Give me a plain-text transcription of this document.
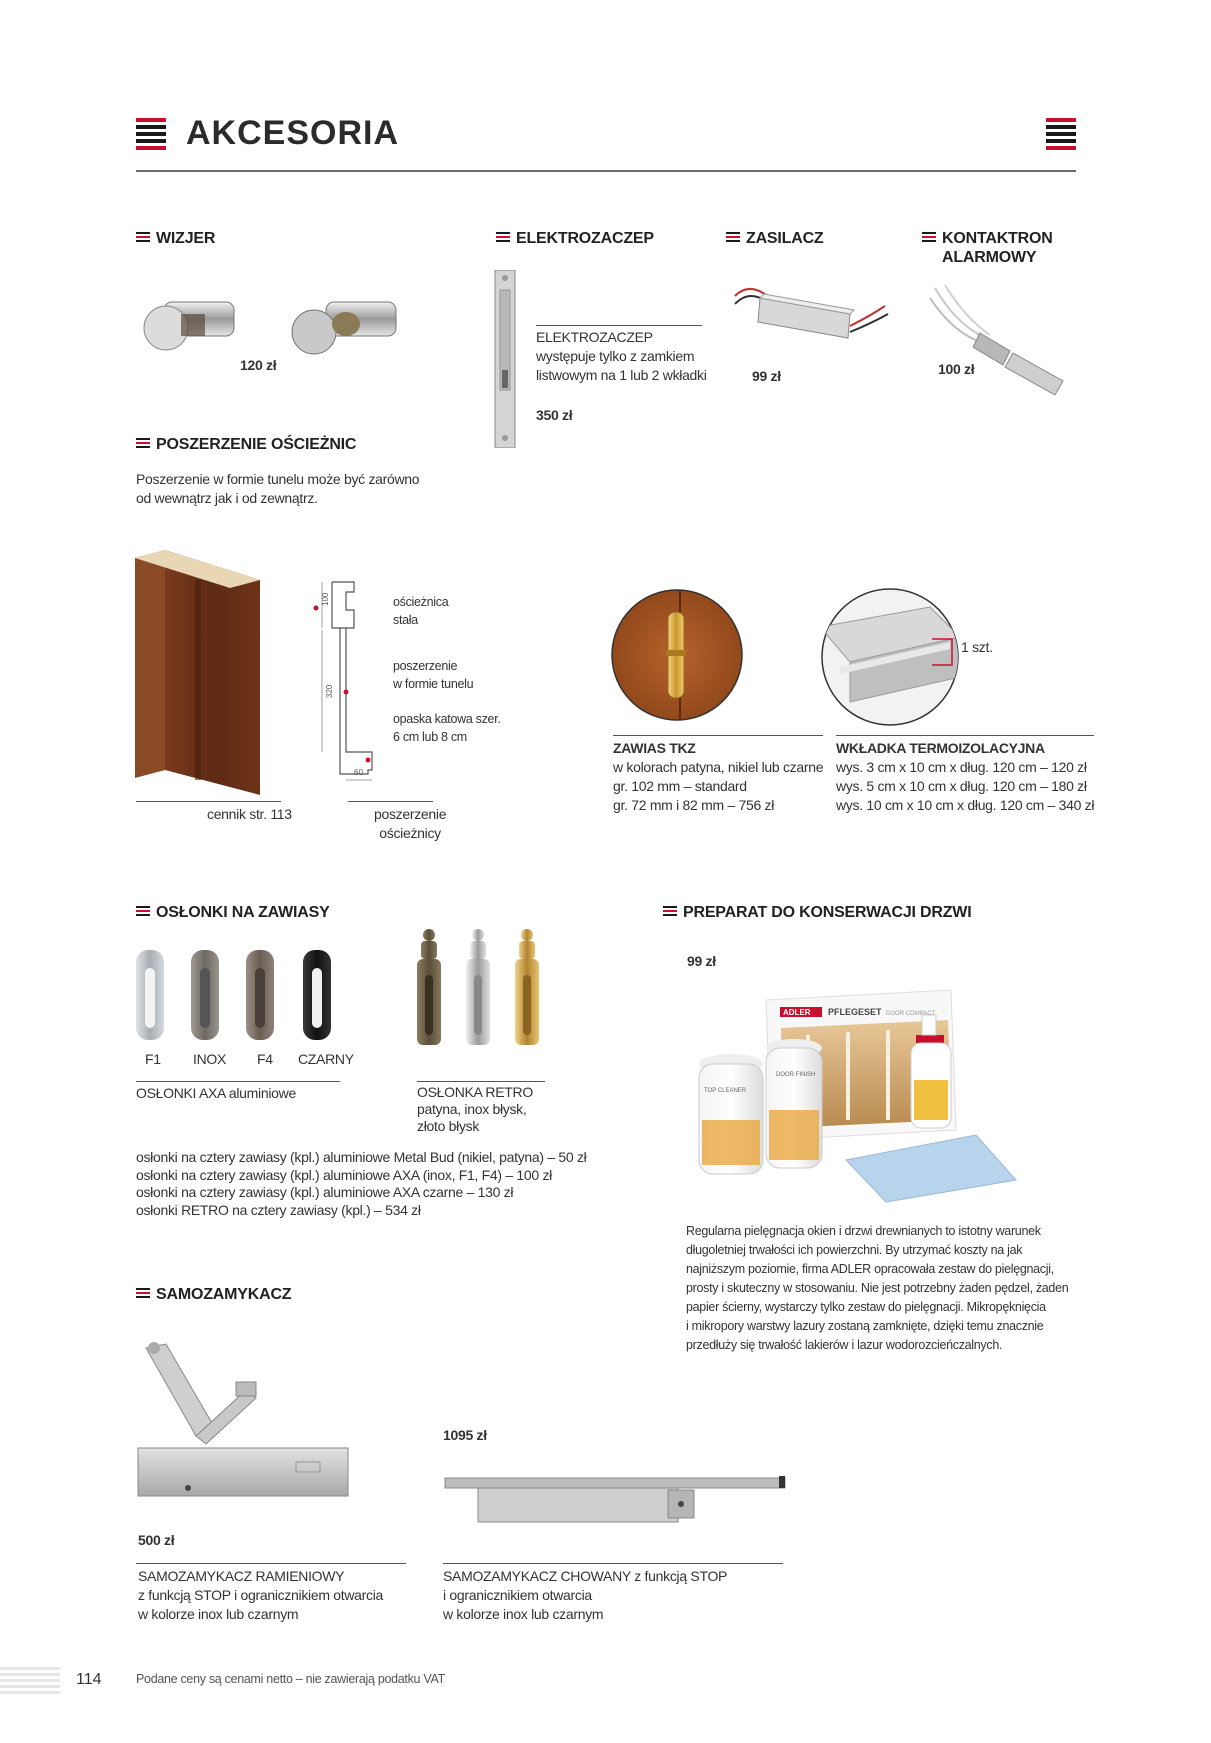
AKCESORIA
WIZJER
120 zł
POSZERZENIE OŚCIEŻNIC
Poszerzenie w formie tunelu może być zarówno
od wewnątrz jak i od zewnątrz.
cennik str. 113
100
320
60
ościeżnica
stała
poszerzenie
w formie tunelu
opaska katowa szer.
6 cm lub 8 cm
poszerzenie
ościeżnicy
ELEKTROZACZEP
ELEKTROZACZEP
występuje tylko z zamkiem
listwowym na 1 lub 2 wkładki
350 zł
ZASILACZ
99 zł
KONTAKTRON
ALARMOWY
100 zł
ZAWIAS TKZ
w kolorach patyna, nikiel lub czarne
gr. 102 mm – standard
gr. 72 mm i 82 mm – 756 zł
1 szt.
WKŁADKA TERMOIZOLACYJNA
wys. 3 cm x 10 cm x dług. 120 cm – 120 zł
wys. 5 cm x 10 cm x dług. 120 cm – 180 zł
wys. 10 cm x 10 cm x dług. 120 cm – 340 zł
OSŁONKI NA ZAWIASY
F1 INOX F4 CZARNY
OSŁONKI AXA aluminiowe	OSŁONKA RETRO
patyna, inox błysk,
złoto błysk
osłonki na cztery zawiasy (kpl.) aluminiowe Metal Bud (nikiel, patyna) – 50 zł
osłonki na cztery zawiasy (kpl.) aluminiowe AXA (inox, F1, F4) – 100 zł
osłonki na cztery zawiasy (kpl.) aluminiowe AXA czarne – 130 zł
osłonki RETRO na cztery zawiasy (kpl.) – 534 zł
PREPARAT DO KONSERWACJI DRZWI
99 zł
ADLER PFLEGESET DOOR COMPACT
TOP CLEANER
DOOR FINISH
Regularna pielęgnacja okien i drzwi drewnianych to istotny warunek
długoletniej trwałości ich powierzchni. By utrzymać koszty na jak
najniższym poziomie, firma ADLER opracowała zestaw do pielęgnacji,
prosty i skuteczny w stosowaniu. Nie jest potrzebny żaden pędzel, żaden
papier ścierny, wystarczy tylko zestaw do pielęgnacji. Mikropęknięcia
i mikropory warstwy lazury zostaną zamknięte, dzięki temu znacznie
przedłuży się trwałość lakierów i lazur wodorozcieńczalnych.
SAMOZAMYKACZ
500 zł
SAMOZAMYKACZ RAMIENIOWY
z funkcją STOP i ogranicznikiem otwarcia
w kolorze inox lub czarnym
1095 zł
SAMOZAMYKACZ CHOWANY z funkcją STOP
i ogranicznikiem otwarcia
w kolorze inox lub czarnym
114	Podane ceny są cenami netto – nie zawierają podatku VAT
